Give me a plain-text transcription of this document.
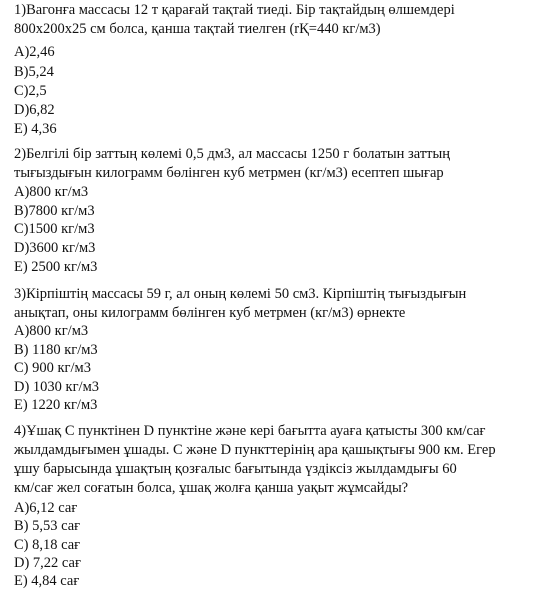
1)Вагонға массасы 12 т қарағай тақтай тиеді. Бір тақтайдың өлшемдері
800х200х25 см болса, қанша тақтай тиелген (rҚ=440 кг/м3)
A)2,46
B)5,24
C)2,5
D)6,82
E) 4,36
2)Белгілі бір заттың көлемі 0,5 дм3, ал массасы 1250 г болатын заттың
тығыздығын килограмм бөлінген куб метрмен (кг/м3) есептеп шығар
A)800 кг/м3
B)7800 кг/м3
C)1500 кг/м3
D)3600 кг/м3
E) 2500 кг/м3
3)Кірпіштің массасы 59 г, ал оның көлемі 50 см3. Кірпіштің тығыздығын
анықтап, оны килограмм бөлінген куб метрмен (кг/м3) өрнекте
A)800 кг/м3
B) 1180 кг/м3
C) 900 кг/м3
D) 1030 кг/м3
E) 1220 кг/м3
4)Ұшақ С пунктінен D пунктіне және кері бағытта ауаға қатысты 300 км/сағ
жылдамдығымен ұшады. С және D пункттерінің ара қашықтығы 900 км. Егер
ұшу барысында ұшақтың қозғалыс бағытында үздіксіз жылдамдығы 60
км/сағ жел соғатын болса, ұшақ жолға қанша уақыт жұмсайды?
A)6,12 сағ
B) 5,53 сағ
C) 8,18 сағ
D) 7,22 сағ
E) 4,84 сағ
